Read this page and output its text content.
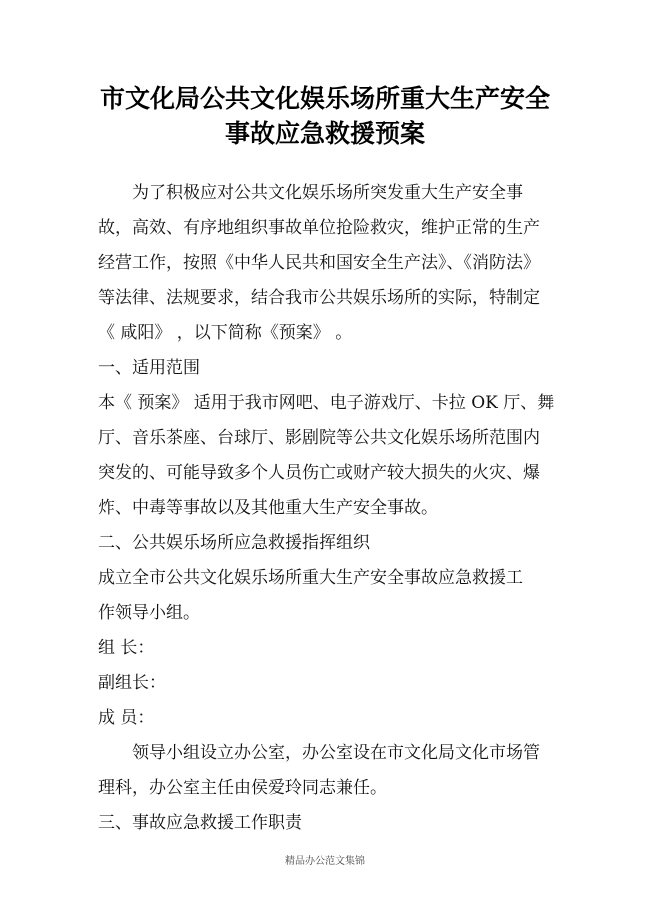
市文化局公共文化娱乐场所重大生产安全
事故应急救援预案
　　为了积极应对公共文化娱乐场所突发重大生产安全事
故，高效、有序地组织事故单位抢险救灾，维护正常的生产
经营工作，按照《中华人民共和国安全生产法》、《消防法》
等法律、法规要求，结合我市公共娱乐场所的实际，特制定
《 咸阳》 ，以下简称《预案》 。
一、适用范围
本《 预案》 适用于我市网吧、电子游戏厅、卡拉 OK 厅、舞
厅、音乐茶座、台球厅、影剧院等公共文化娱乐场所范围内
突发的、可能导致多个人员伤亡或财产较大损失的火灾、爆
炸、中毒等事故以及其他重大生产安全事故。
二、公共娱乐场所应急救援指挥组织
成立全市公共文化娱乐场所重大生产安全事故应急救援工
作领导小组。
组 长：
副组长：
成 员：
　　领导小组设立办公室，办公室设在市文化局文化市场管
理科，办公室主任由侯爱玲同志兼任。
三、事故应急救援工作职责
精品办公范文集锦
